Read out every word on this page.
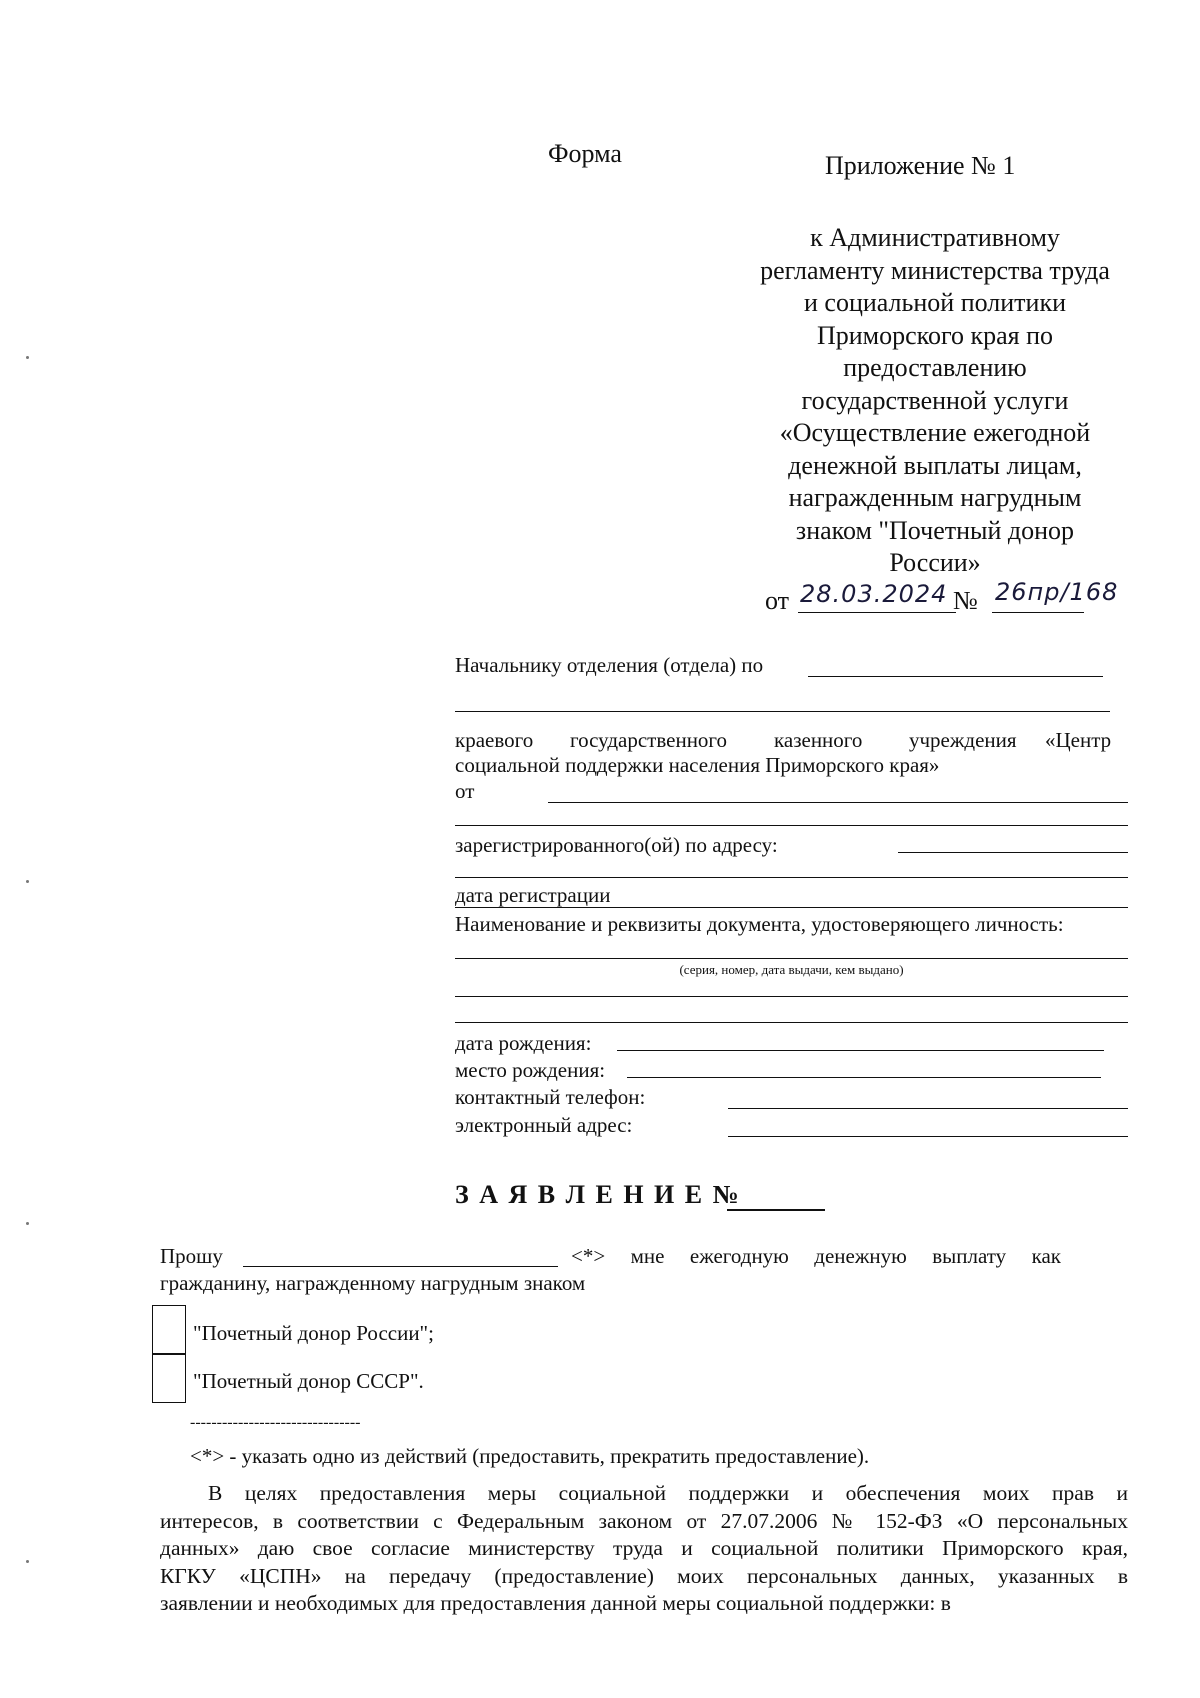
Форма	Приложение № 1
к Административному
регламенту министерства труда
и социальной политики
Приморского края по
предоставлению
государственной услуги
«Осуществление ежегодной
денежной выплаты лицам,
награжденным нагрудным
знаком "Почетный донор
России»
от 28.03.2024 № 26пр/168
Начальнику отделения (отдела) по
краевого государственного казенного учреждения «Центр
социальной поддержки населения Приморского края»
от
зарегистрированного(ой) по адресу:
дата регистрации
Наименование и реквизиты документа, удостоверяющего личность:
(серия, номер, дата выдачи, кем выдано)
дата рождения:
место рождения:
контактный телефон:
электронный адрес:
З А Я В Л Е Н И Е №
Прошу	<*> мне ежегодную денежную выплату как
гражданину, награжденному нагрудным знаком
"Почетный донор России";
"Почетный донор СССР".
--------------------------------
<*> - указать одно из действий (предоставить, прекратить предоставление).
В целях предоставления меры социальной поддержки и обеспечения моих прав и
интересов, в соответствии с Федеральным законом от 27.07.2006 № 152-ФЗ «О персональных
данных» даю свое согласие министерству труда и социальной политики Приморского края,
КГКУ «ЦСПН» на передачу (предоставление) моих персональных данных, указанных в
заявлении и необходимых для предоставления данной меры социальной поддержки: в
